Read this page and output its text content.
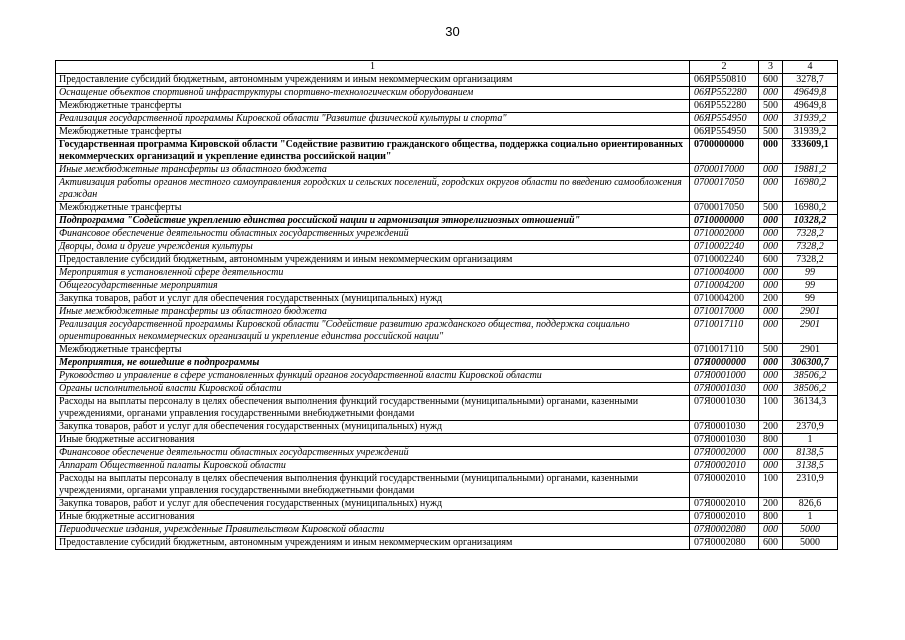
30
1	2	3	4
Предоставление субсидий бюджетным, автономным учреждениям и иным некоммерческим организациям	06ЯР550810	600	3278,7
Оснащение объектов спортивной инфраструктуры спортивно-технологическим оборудованием	06ЯР552280	000	49649,8
Межбюджетные трансферты	06ЯР552280	500	49649,8
Реализация государственной программы Кировской области "Развитие физической культуры и спорта"	06ЯР554950	000	31939,2
Межбюджетные трансферты	06ЯР554950	500	31939,2
Государственная программа Кировской области "Содействие развитию гражданского общества, поддержка социально ориентированных некоммерческих организаций и укрепление единства российской нации"	0700000000	000	333609,1
Иные межбюджетные трансферты из областного бюджета	0700017000	000	19881,2
Активизация работы органов местного самоуправления городских и сельских поселений, городских округов области по введению самообложения граждан	0700017050	000	16980,2
Межбюджетные трансферты	0700017050	500	16980,2
Подпрограмма "Содействие укреплению единства российской нации и гармонизация этнорелигиозных отношений"	0710000000	000	10328,2
Финансовое обеспечение деятельности областных государственных учреждений	0710002000	000	7328,2
Дворцы, дома и другие учреждения культуры	0710002240	000	7328,2
Предоставление субсидий бюджетным, автономным учреждениям и иным некоммерческим организациям	0710002240	600	7328,2
Мероприятия в установленной сфере деятельности	0710004000	000	99
Общегосударственные мероприятия	0710004200	000	99
Закупка товаров, работ и услуг для обеспечения государственных (муниципальных) нужд	0710004200	200	99
Иные межбюджетные трансферты из областного бюджета	0710017000	000	2901
Реализация государственной программы Кировской области "Содействие развитию гражданского общества, поддержка социально ориентированных некоммерческих организаций и укрепление единства российской нации"	0710017110	000	2901
Межбюджетные трансферты	0710017110	500	2901
Мероприятия, не вошедшие в подпрограммы	07Я0000000	000	306300,7
Руководство и управление в сфере установленных функций органов государственной власти Кировской области	07Я0001000	000	38506,2
Органы исполнительной власти Кировской области	07Я0001030	000	38506,2
Расходы на выплаты персоналу в целях обеспечения выполнения функций государственными (муниципальными) органами, казенными учреждениями, органами управления государственными внебюджетными фондами	07Я0001030	100	36134,3
Закупка товаров, работ и услуг для обеспечения государственных (муниципальных) нужд	07Я0001030	200	2370,9
Иные бюджетные ассигнования	07Я0001030	800	1
Финансовое обеспечение деятельности областных государственных учреждений	07Я0002000	000	8138,5
Аппарат Общественной палаты Кировской области	07Я0002010	000	3138,5
Расходы на выплаты персоналу в целях обеспечения выполнения функций государственными (муниципальными) органами, казенными учреждениями, органами управления государственными внебюджетными фондами	07Я0002010	100	2310,9
Закупка товаров, работ и услуг для обеспечения государственных (муниципальных) нужд	07Я0002010	200	826,6
Иные бюджетные ассигнования	07Я0002010	800	1
Периодические издания, учрежденные Правительством Кировской области	07Я0002080	000	5000
Предоставление субсидий бюджетным, автономным учреждениям и иным некоммерческим организациям	07Я0002080	600	5000
